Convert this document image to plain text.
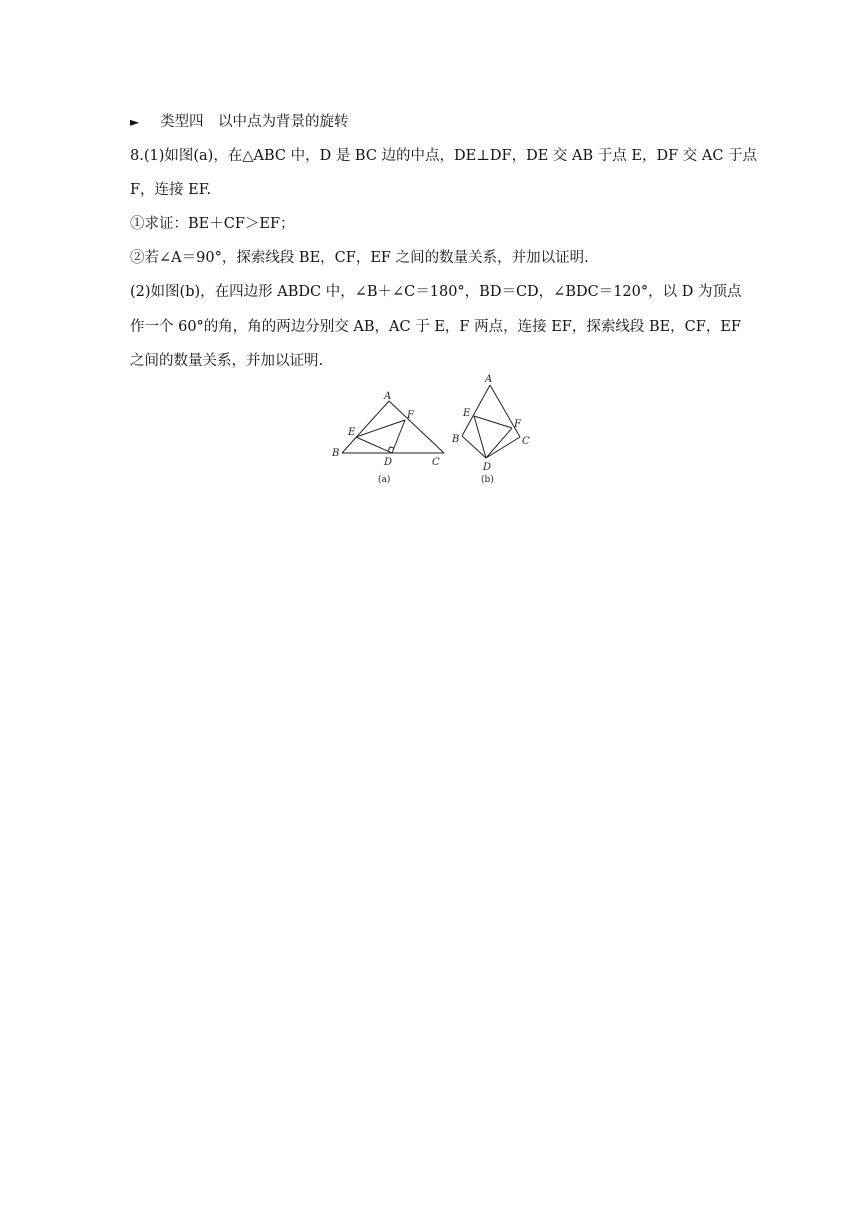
► 类型四　以中点为背景的旋转
8.(1)如图(a)，在△ABC 中，D 是 BC 边的中点，DE⊥DF，DE 交 AB 于点 E，DF 交 AC 于点
F，连接 EF.
①求证：BE＋CF＞EF；
②若∠A＝90°，探索线段 BE，CF，EF 之间的数量关系，并加以证明.
(2)如图(b)，在四边形 ABDC 中，∠B＋∠C＝180°，BD＝CD，∠BDC＝120°，以 D 为顶点
作一个 60°的角，角的两边分别交 AB，AC 于 E，F 两点，连接 EF，探索线段 BE，CF，EF
之间的数量关系，并加以证明.
A
B
C
D
E
F
(a)
A
B	C
D
E
F
(b)
